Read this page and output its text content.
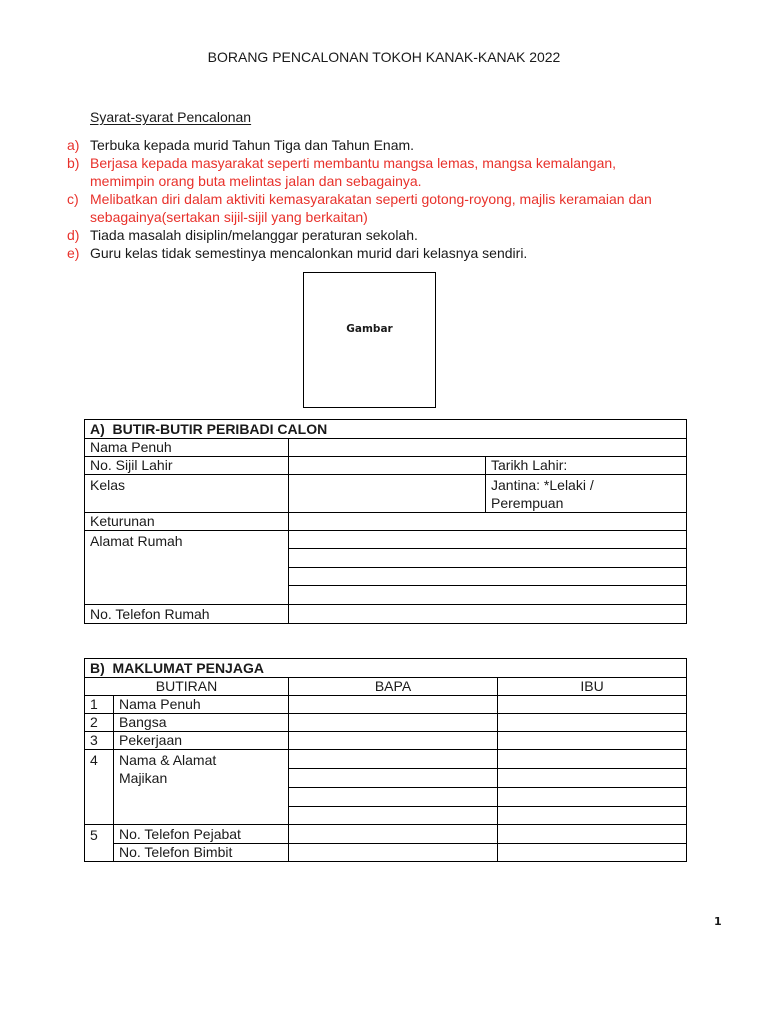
BORANG PENCALONAN TOKOH KANAK-KANAK 2022
Syarat-syarat Pencalonan
a) Terbuka kepada murid Tahun Tiga dan Tahun Enam.
b) Berjasa kepada masyarakat seperti membantu mangsa lemas, mangsa kemalangan,
memimpin orang buta melintas jalan dan sebagainya.
c) Melibatkan diri dalam aktiviti kemasyarakatan seperti gotong-royong, majlis keramaian dan
sebagainya(sertakan sijil-sijil yang berkaitan)
d) Tiada masalah disiplin/melanggar peraturan sekolah.
e) Guru kelas tidak semestinya mencalonkan murid dari kelasnya sendiri.
Gambar
A)  BUTIR-BUTIR PERIBADI CALON		
Nama Penuh		
No. Sijil Lahir		Tarikh Lahir:
Kelas		Jantina: *Lelaki /
Perempuan
Keturunan		
Alamat Rumah		

No. Telefon Rumah		
B)  MAKLUMAT PENJAGA			
BUTIRAN		BAPA	IBU
1	Nama Penuh		
2	Bangsa		
3	Pekerjaan		
4	Nama & Alamat
Majikan		

5	No. Telefon Pejabat		
	No. Telefon Bimbit		
1
